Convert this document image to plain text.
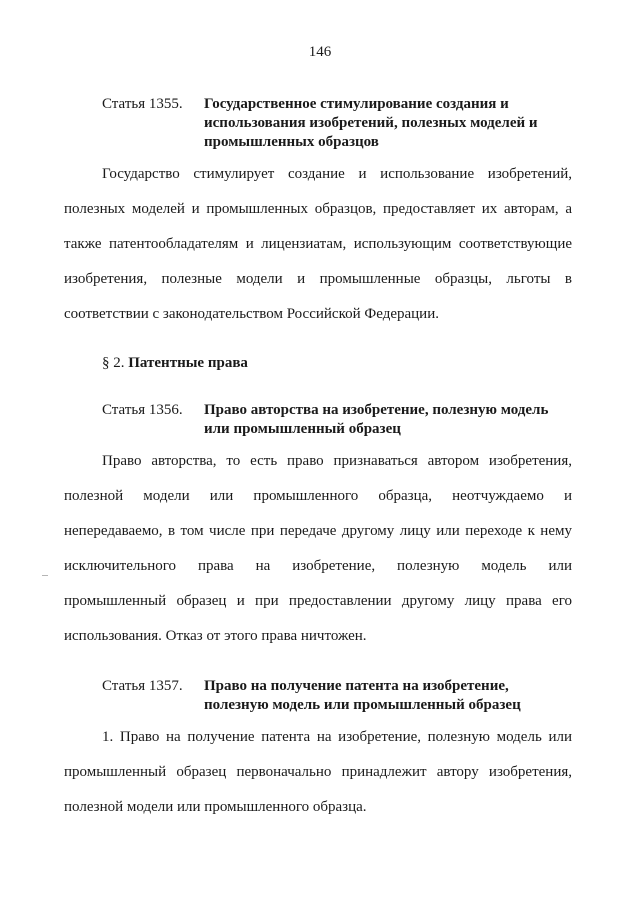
146
Статья 1355. Государственное стимулирование создания и
использования изобретений, полезных моделей и
промышленных образцов
Государство стимулирует создание и использование изобретений,
полезных моделей и промышленных образцов, предоставляет их авторам, а
также патентообладателям и лицензиатам, использующим соответствующие
изобретения, полезные модели и промышленные образцы, льготы в
соответствии с законодательством Российской Федерации.
§ 2. Патентные права
Статья 1356. Право авторства на изобретение, полезную модель
или промышленный образец
Право авторства, то есть право признаваться автором изобретения,
полезной модели или промышленного образца, неотчуждаемо и
непередаваемо, в том числе при передаче другому лицу или переходе к нему
исключительного права на изобретение, полезную модель или
промышленный образец и при предоставлении другому лицу права его
использования. Отказ от этого права ничтожен.
Статья 1357. Право на получение патента на изобретение,
полезную модель или промышленный образец
1. Право на получение патента на изобретение, полезную модель или
промышленный образец первоначально принадлежит автору изобретения,
полезной модели или промышленного образца.
